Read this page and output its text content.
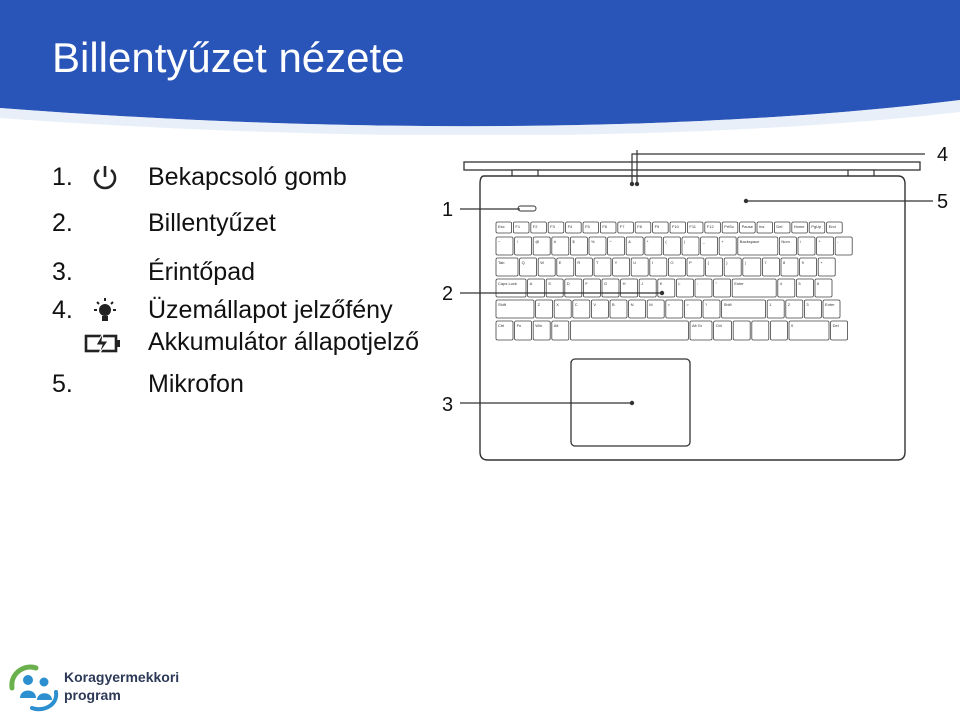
Billentyűzet nézete
1.	Bekapcsoló gomb
2.	Billentyűzet
3.	Érintőpad
4.	Üzemállapot jelzőfény
Akkumulátor állapotjelző
5.	Mikrofon
Esc	F1	F2	F3	F4	F5	F6	F7	F8	F9	F10	F11	F12	PrtSc Pause Ins	Del	Home PgUp End
~	!	@	#	$	%	^	&	*	(	)	_	+	Backspace	Num	/	*	-
Tab	Q	W	E	R	T	Y	U	I	O	P	{	}	|	7	8	9	+
Caps Lock	A	S	D	F	G	H	J	K	L	:	"	Enter	4	5	6
Shift	Z	X	C	V	B	N	M	<	>	?	Shift	1	2	3	Enter
Ctrl	Fn	Win	Alt	Alt Gr	Ctrl	0	Del
1
2
3
4
5
Koragyermekkori
program
